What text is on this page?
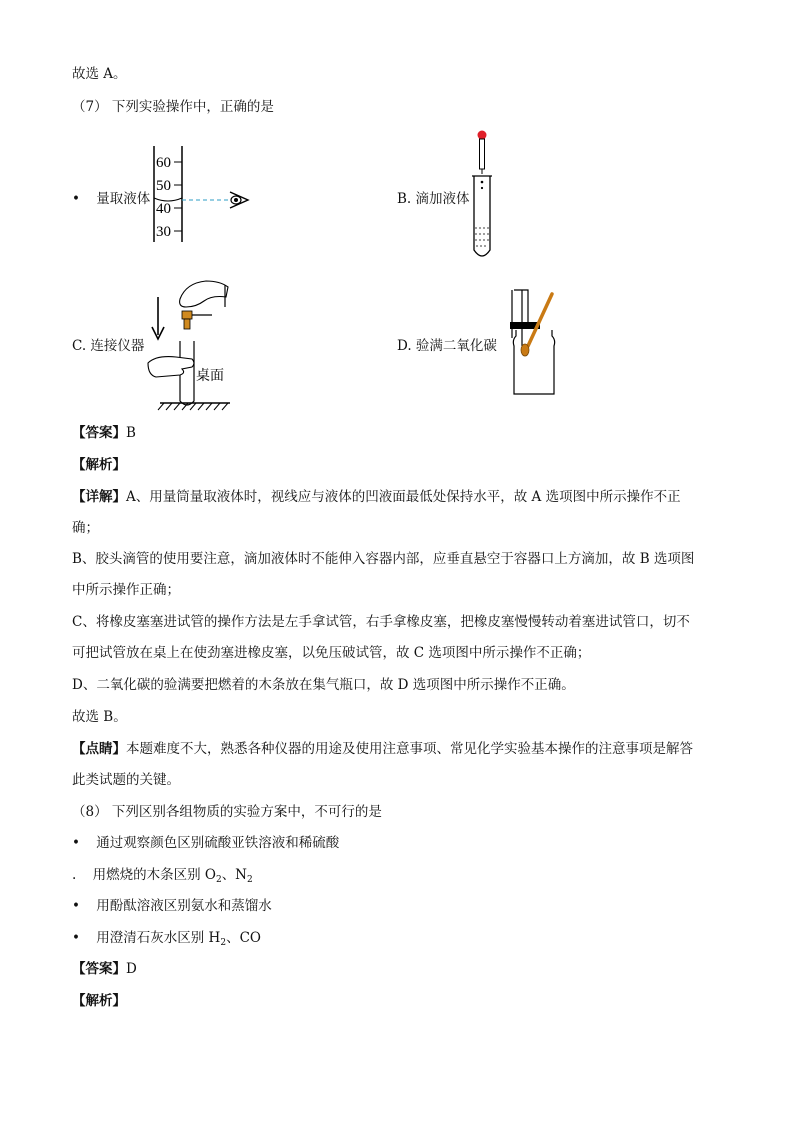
故选 A。
（7） 下列实验操作中，正确的是
• 量取液体
60
50
40
30
B. 滴加液体
C. 连接仪器
桌面
D. 验满二氧化碳
【答案】B
【解析】
【详解】A、用量筒量取液体时，视线应与液体的凹液面最低处保持水平，故 A 选项图中所示操作不正
确；
B、胶头滴管的使用要注意，滴加液体时不能伸入容器内部，应垂直悬空于容器口上方滴加，故 B 选项图
中所示操作正确；
C、将橡皮塞塞进试管的操作方法是左手拿试管，右手拿橡皮塞，把橡皮塞慢慢转动着塞进试管口，切不
可把试管放在桌上在使劲塞进橡皮塞，以免压破试管，故 C 选项图中所示操作不正确；
D、二氧化碳的验满要把燃着的木条放在集气瓶口，故 D 选项图中所示操作不正确。
故选 B。
【点睛】本题难度不大，熟悉各种仪器的用途及使用注意事项、常见化学实验基本操作的注意事项是解答
此类试题的关键。
（8） 下列区别各组物质的实验方案中，不可行的是
• 通过观察颜色区别硫酸亚铁溶液和稀硫酸
. 用燃烧的木条区别 $O_2$、$N_2$
• 用酚酞溶液区别氨水和蒸馏水
• 用澄清石灰水区别 $H_2$、CO
【答案】D
【解析】
